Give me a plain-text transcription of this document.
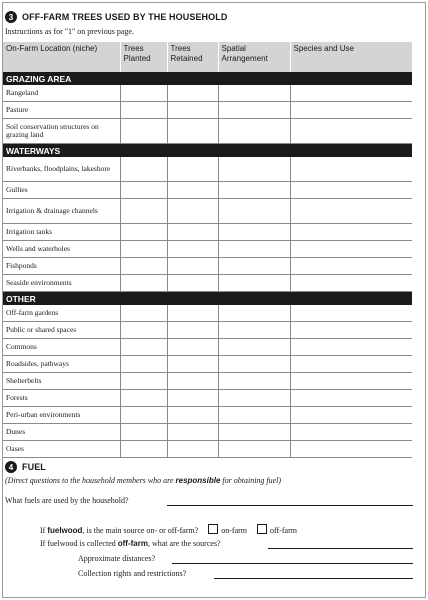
3 OFF-FARM TREES USED BY THE HOUSEHOLD
Instructions as for "1" on previous page.
On-Farm Location (niche)	Trees Planted	Trees Retained	Spatial Arrangement	Species and Use
GRAZING AREA				
Rangeland				
Pasture				
Soil conservation structures on grazing land				
WATERWAYS				
Riverbanks, floodplains, lakeshore				
Gullies				
Irrigation & drainage channels				
Irrigation tanks				
Wells and waterholes				
Fishponds				
Seaside environments				
OTHER				
Off-farm gardens				
Public or shared spaces				
Commons				
Roadsides, pathways				
Shelterbelts				
Forests				
Peri-urban environments				
Dunes				
Oases				
4 FUEL
(Direct questions to the household members who are responsible for obtaining fuel)
What fuels are used by the household?
If fuelwood, is the main source on- or off-farm?	on-farm	off-farm
If fuelwood is collected off-farm, what are the sources?
Approximate distances?
Collection rights and restrictions?
